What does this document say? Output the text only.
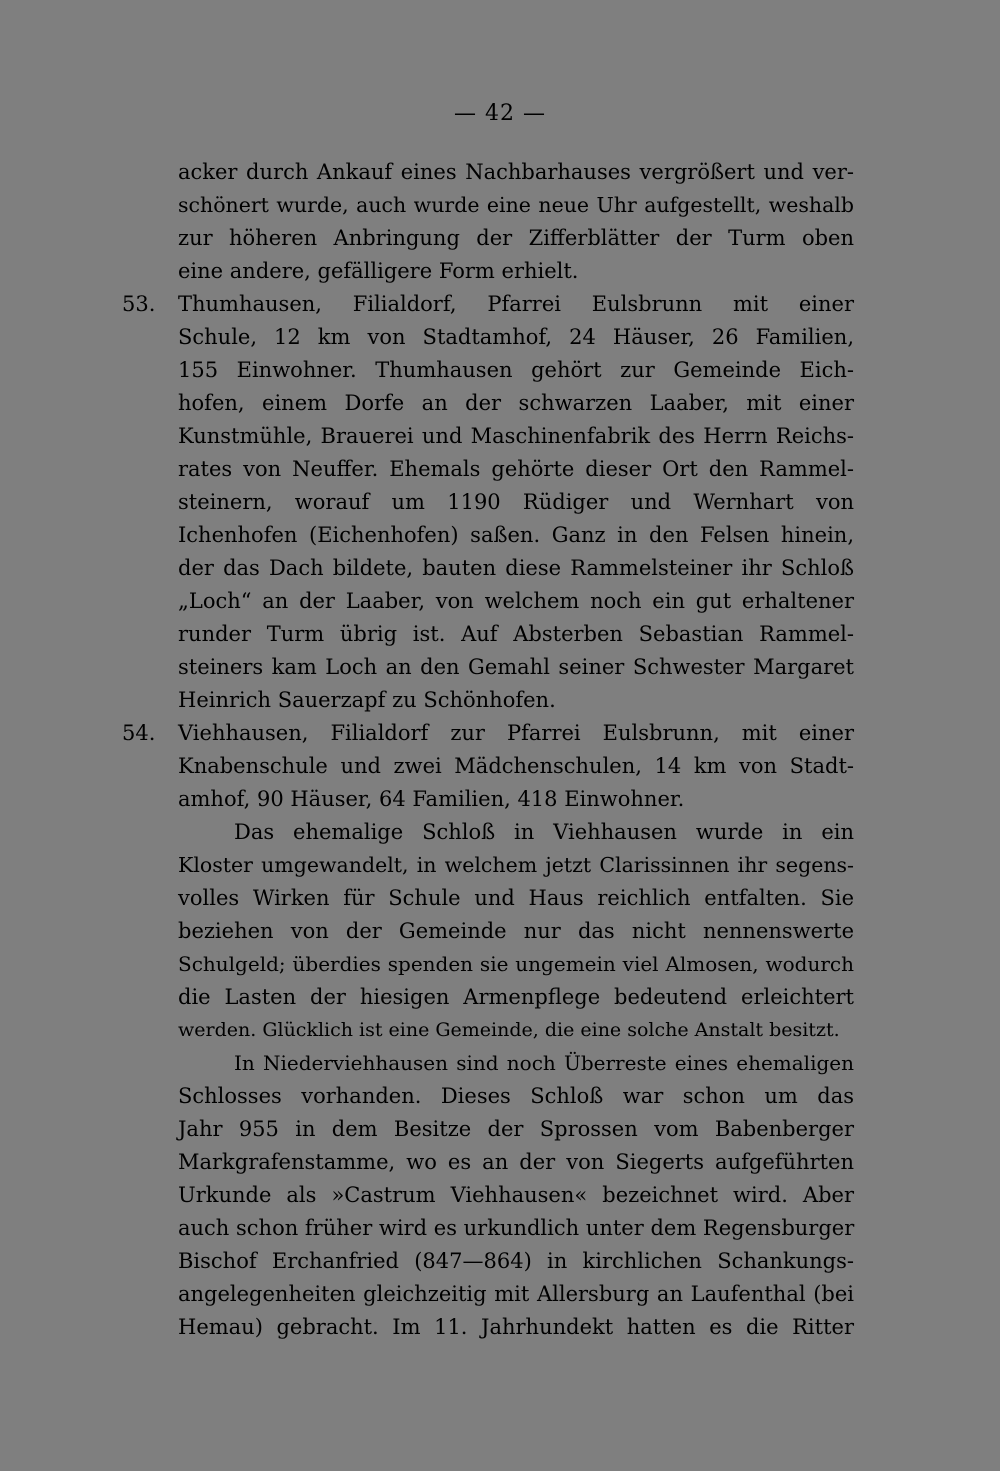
— 42 —
acker durch Ankauf eines Nachbarhauses vergrößert und ver-
schönert wurde, auch wurde eine neue Uhr aufgestellt, weshalb
zur höheren Anbringung der Zifferblätter der Turm oben
eine andere, gefälligere Form erhielt.
53. Thumhausen, Filialdorf, Pfarrei Eulsbrunn mit einer
Schule, 12 km von Stadtamhof, 24 Häuser, 26 Familien,
155 Einwohner. Thumhausen gehört zur Gemeinde Eich-
hofen, einem Dorfe an der schwarzen Laaber, mit einer
Kunstmühle, Brauerei und Maschinenfabrik des Herrn Reichs-
rates von Neuffer. Ehemals gehörte dieser Ort den Rammel-
steinern, worauf um 1190 Rüdiger und Wernhart von
Ichenhofen (Eichenhofen) saßen. Ganz in den Felsen hinein,
der das Dach bildete, bauten diese Rammelsteiner ihr Schloß
„Loch“ an der Laaber, von welchem noch ein gut erhaltener
runder Turm übrig ist. Auf Absterben Sebastian Rammel-
steiners kam Loch an den Gemahl seiner Schwester Margaret
Heinrich Sauerzapf zu Schönhofen.
54. Viehhausen, Filialdorf zur Pfarrei Eulsbrunn, mit einer
Knabenschule und zwei Mädchenschulen, 14 km von Stadt-
amhof, 90 Häuser, 64 Familien, 418 Einwohner.
Das ehemalige Schloß in Viehhausen wurde in ein
Kloster umgewandelt, in welchem jetzt Clarissinnen ihr segens-
volles Wirken für Schule und Haus reichlich entfalten. Sie
beziehen von der Gemeinde nur das nicht nennenswerte
Schulgeld; überdies spenden sie ungemein viel Almosen, wodurch
die Lasten der hiesigen Armenpflege bedeutend erleichtert
werden. Glücklich ist eine Gemeinde, die eine solche Anstalt besitzt.
In Niederviehhausen sind noch Überreste eines ehemaligen
Schlosses vorhanden. Dieses Schloß war schon um das
Jahr 955 in dem Besitze der Sprossen vom Babenberger
Markgrafenstamme, wo es an der von Siegerts aufgeführten
Urkunde als »Castrum Viehhausen« bezeichnet wird. Aber
auch schon früher wird es urkundlich unter dem Regensburger
Bischof Erchanfried (847—864) in kirchlichen Schankungs-
angelegenheiten gleichzeitig mit Allersburg an Laufenthal (bei
Hemau) gebracht. Im 11. Jahrhundekt hatten es die Ritter
